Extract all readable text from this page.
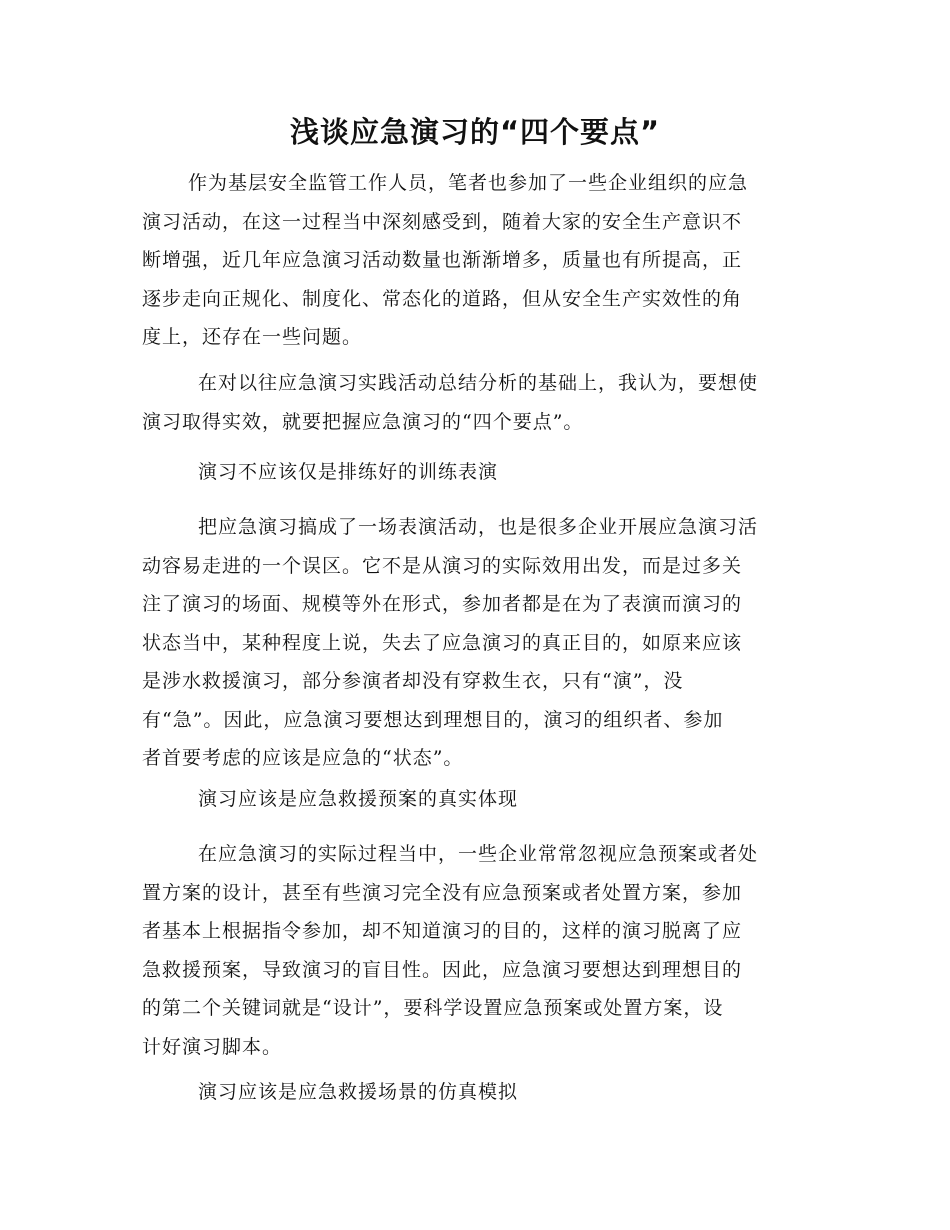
浅谈应急演习的“四个要点”
作为基层安全监管工作人员，笔者也参加了一些企业组织的应急
演习活动，在这一过程当中深刻感受到，随着大家的安全生产意识不
断增强，近几年应急演习活动数量也渐渐增多，质量也有所提高，正
逐步走向正规化、制度化、常态化的道路，但从安全生产实效性的角
度上，还存在一些问题。
在对以往应急演习实践活动总结分析的基础上，我认为，要想使
演习取得实效，就要把握应急演习的“四个要点”。
演习不应该仅是排练好的训练表演
把应急演习搞成了一场表演活动，也是很多企业开展应急演习活
动容易走进的一个误区。它不是从演习的实际效用出发，而是过多关
注了演习的场面、规模等外在形式，参加者都是在为了表演而演习的
状态当中，某种程度上说，失去了应急演习的真正目的，如原来应该
是涉水救援演习，部分参演者却没有穿救生衣，只有“演”，没
有“急”。因此，应急演习要想达到理想目的，演习的组织者、参加
者首要考虑的应该是应急的“状态”。
演习应该是应急救援预案的真实体现
在应急演习的实际过程当中，一些企业常常忽视应急预案或者处
置方案的设计，甚至有些演习完全没有应急预案或者处置方案，参加
者基本上根据指令参加，却不知道演习的目的，这样的演习脱离了应
急救援预案，导致演习的盲目性。因此，应急演习要想达到理想目的
的第二个关键词就是“设计”，要科学设置应急预案或处置方案，设
计好演习脚本。
演习应该是应急救援场景的仿真模拟
